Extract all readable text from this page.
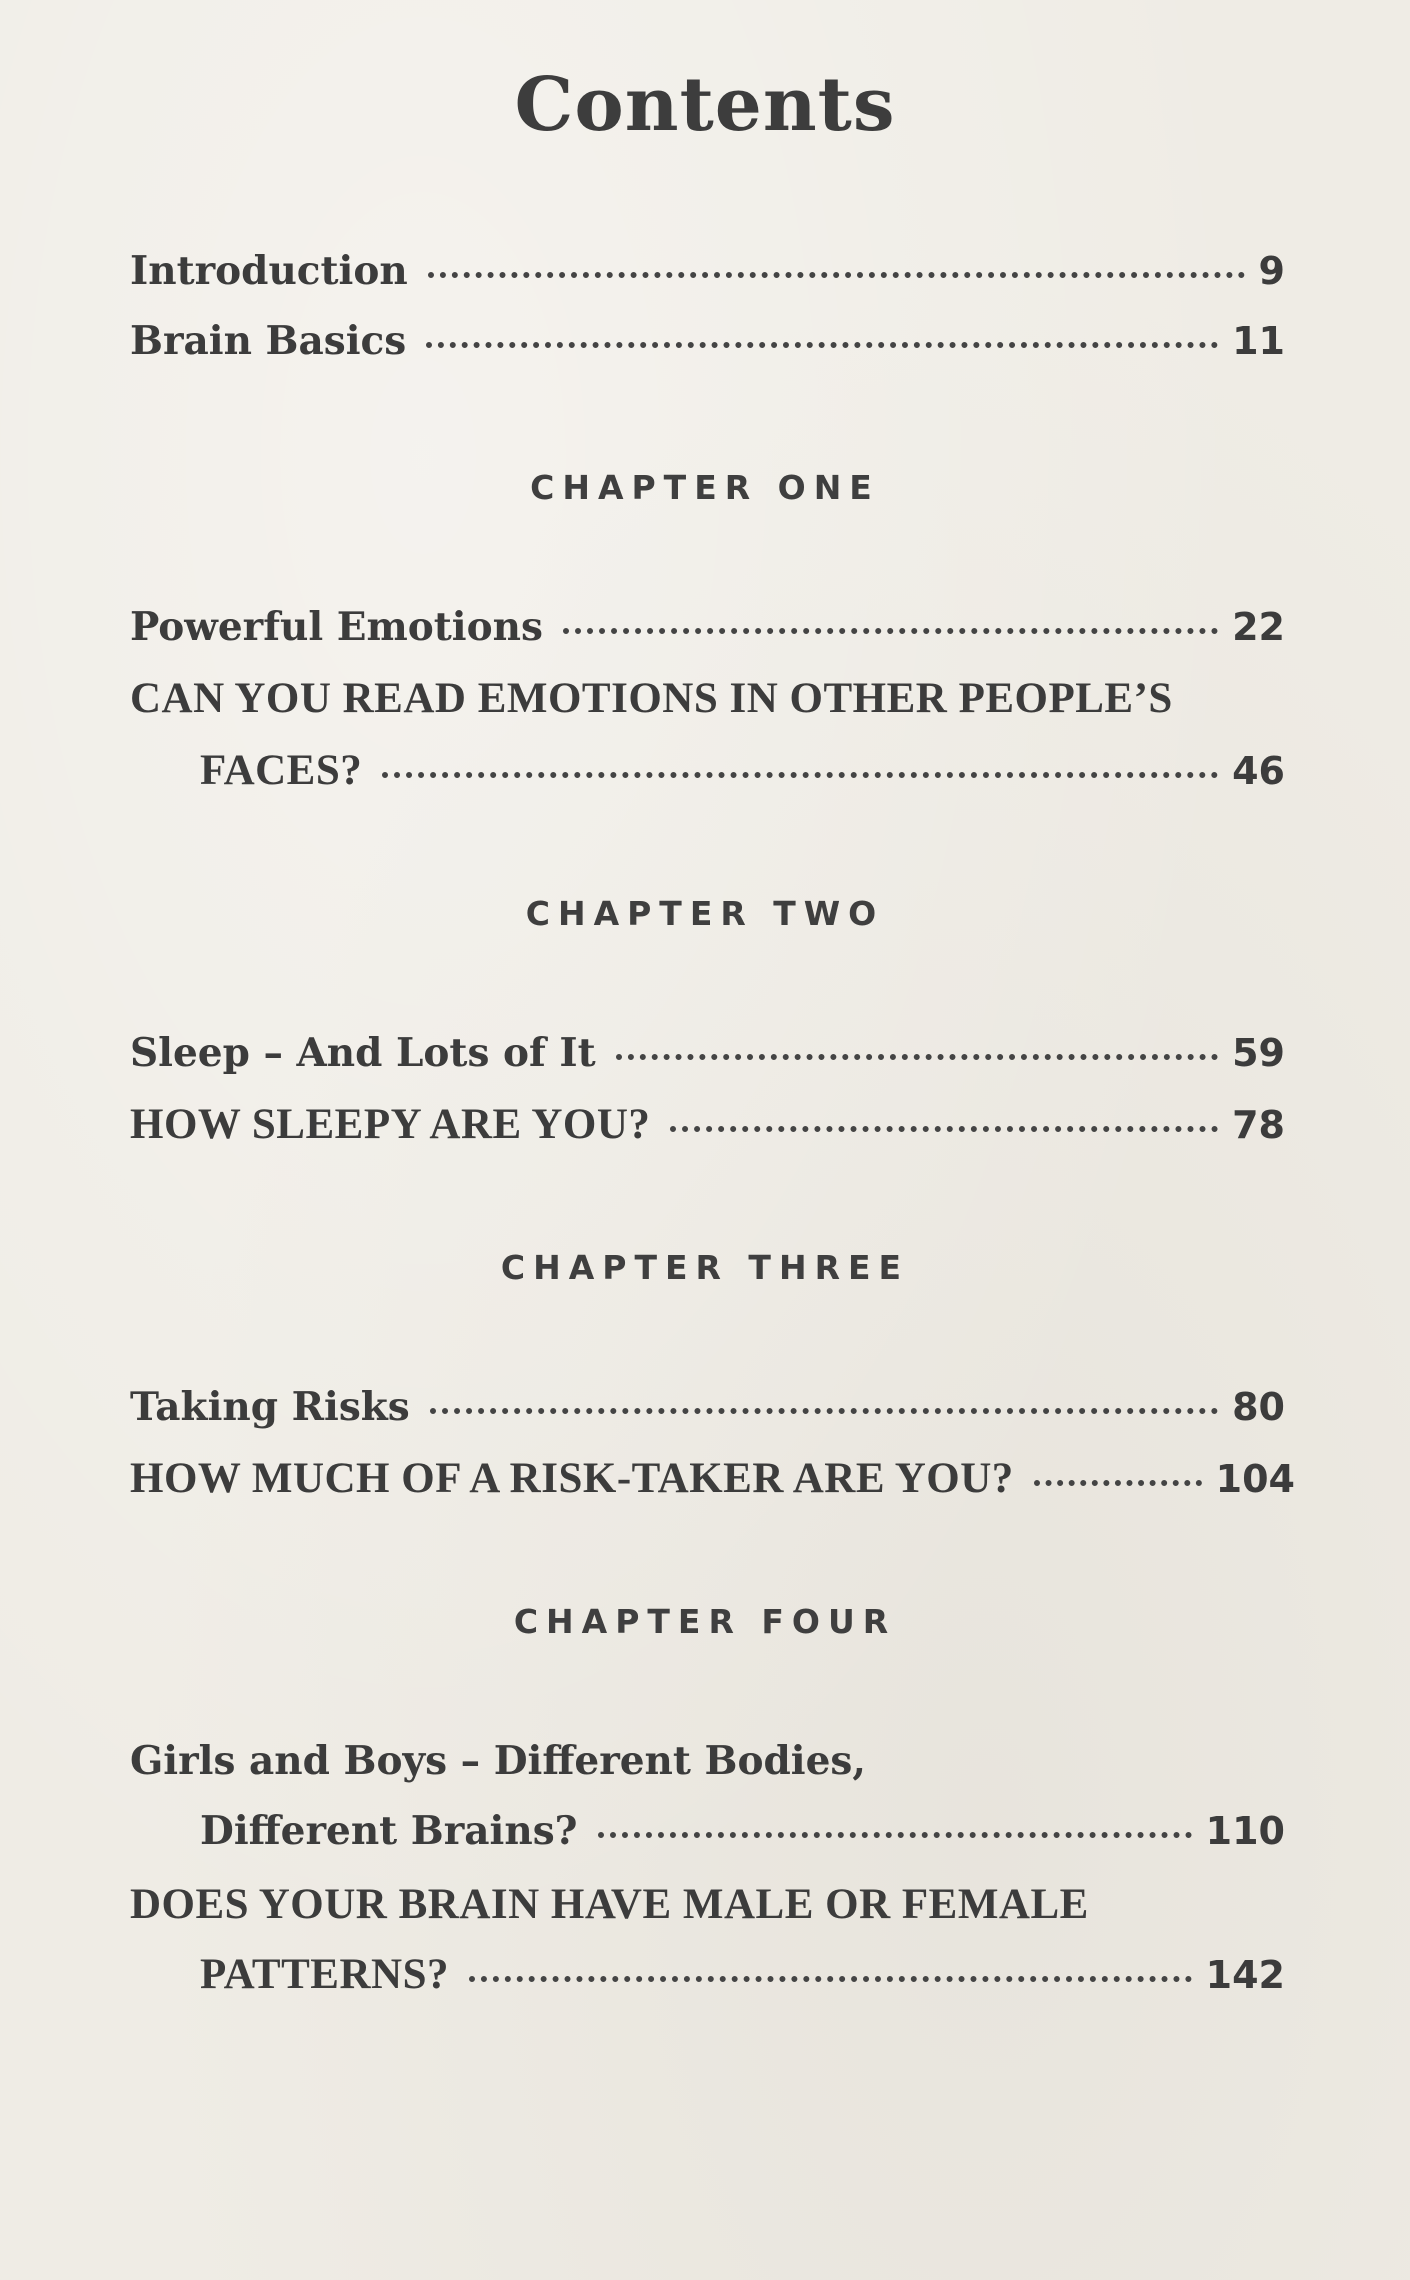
Contents
Introduction	9
Brain Basics	11
CHAPTER ONE
Powerful Emotions	22
CAN YOU READ EMOTIONS IN OTHER PEOPLE’S
FACES?	46
CHAPTER TWO
Sleep – And Lots of It	59
HOW SLEEPY ARE YOU?	78
CHAPTER THREE
Taking Risks	80
HOW MUCH OF A RISK-TAKER ARE YOU?	104
CHAPTER FOUR
Girls and Boys – Different Bodies,
Different Brains?	110
DOES YOUR BRAIN HAVE MALE OR FEMALE
PATTERNS?	142
